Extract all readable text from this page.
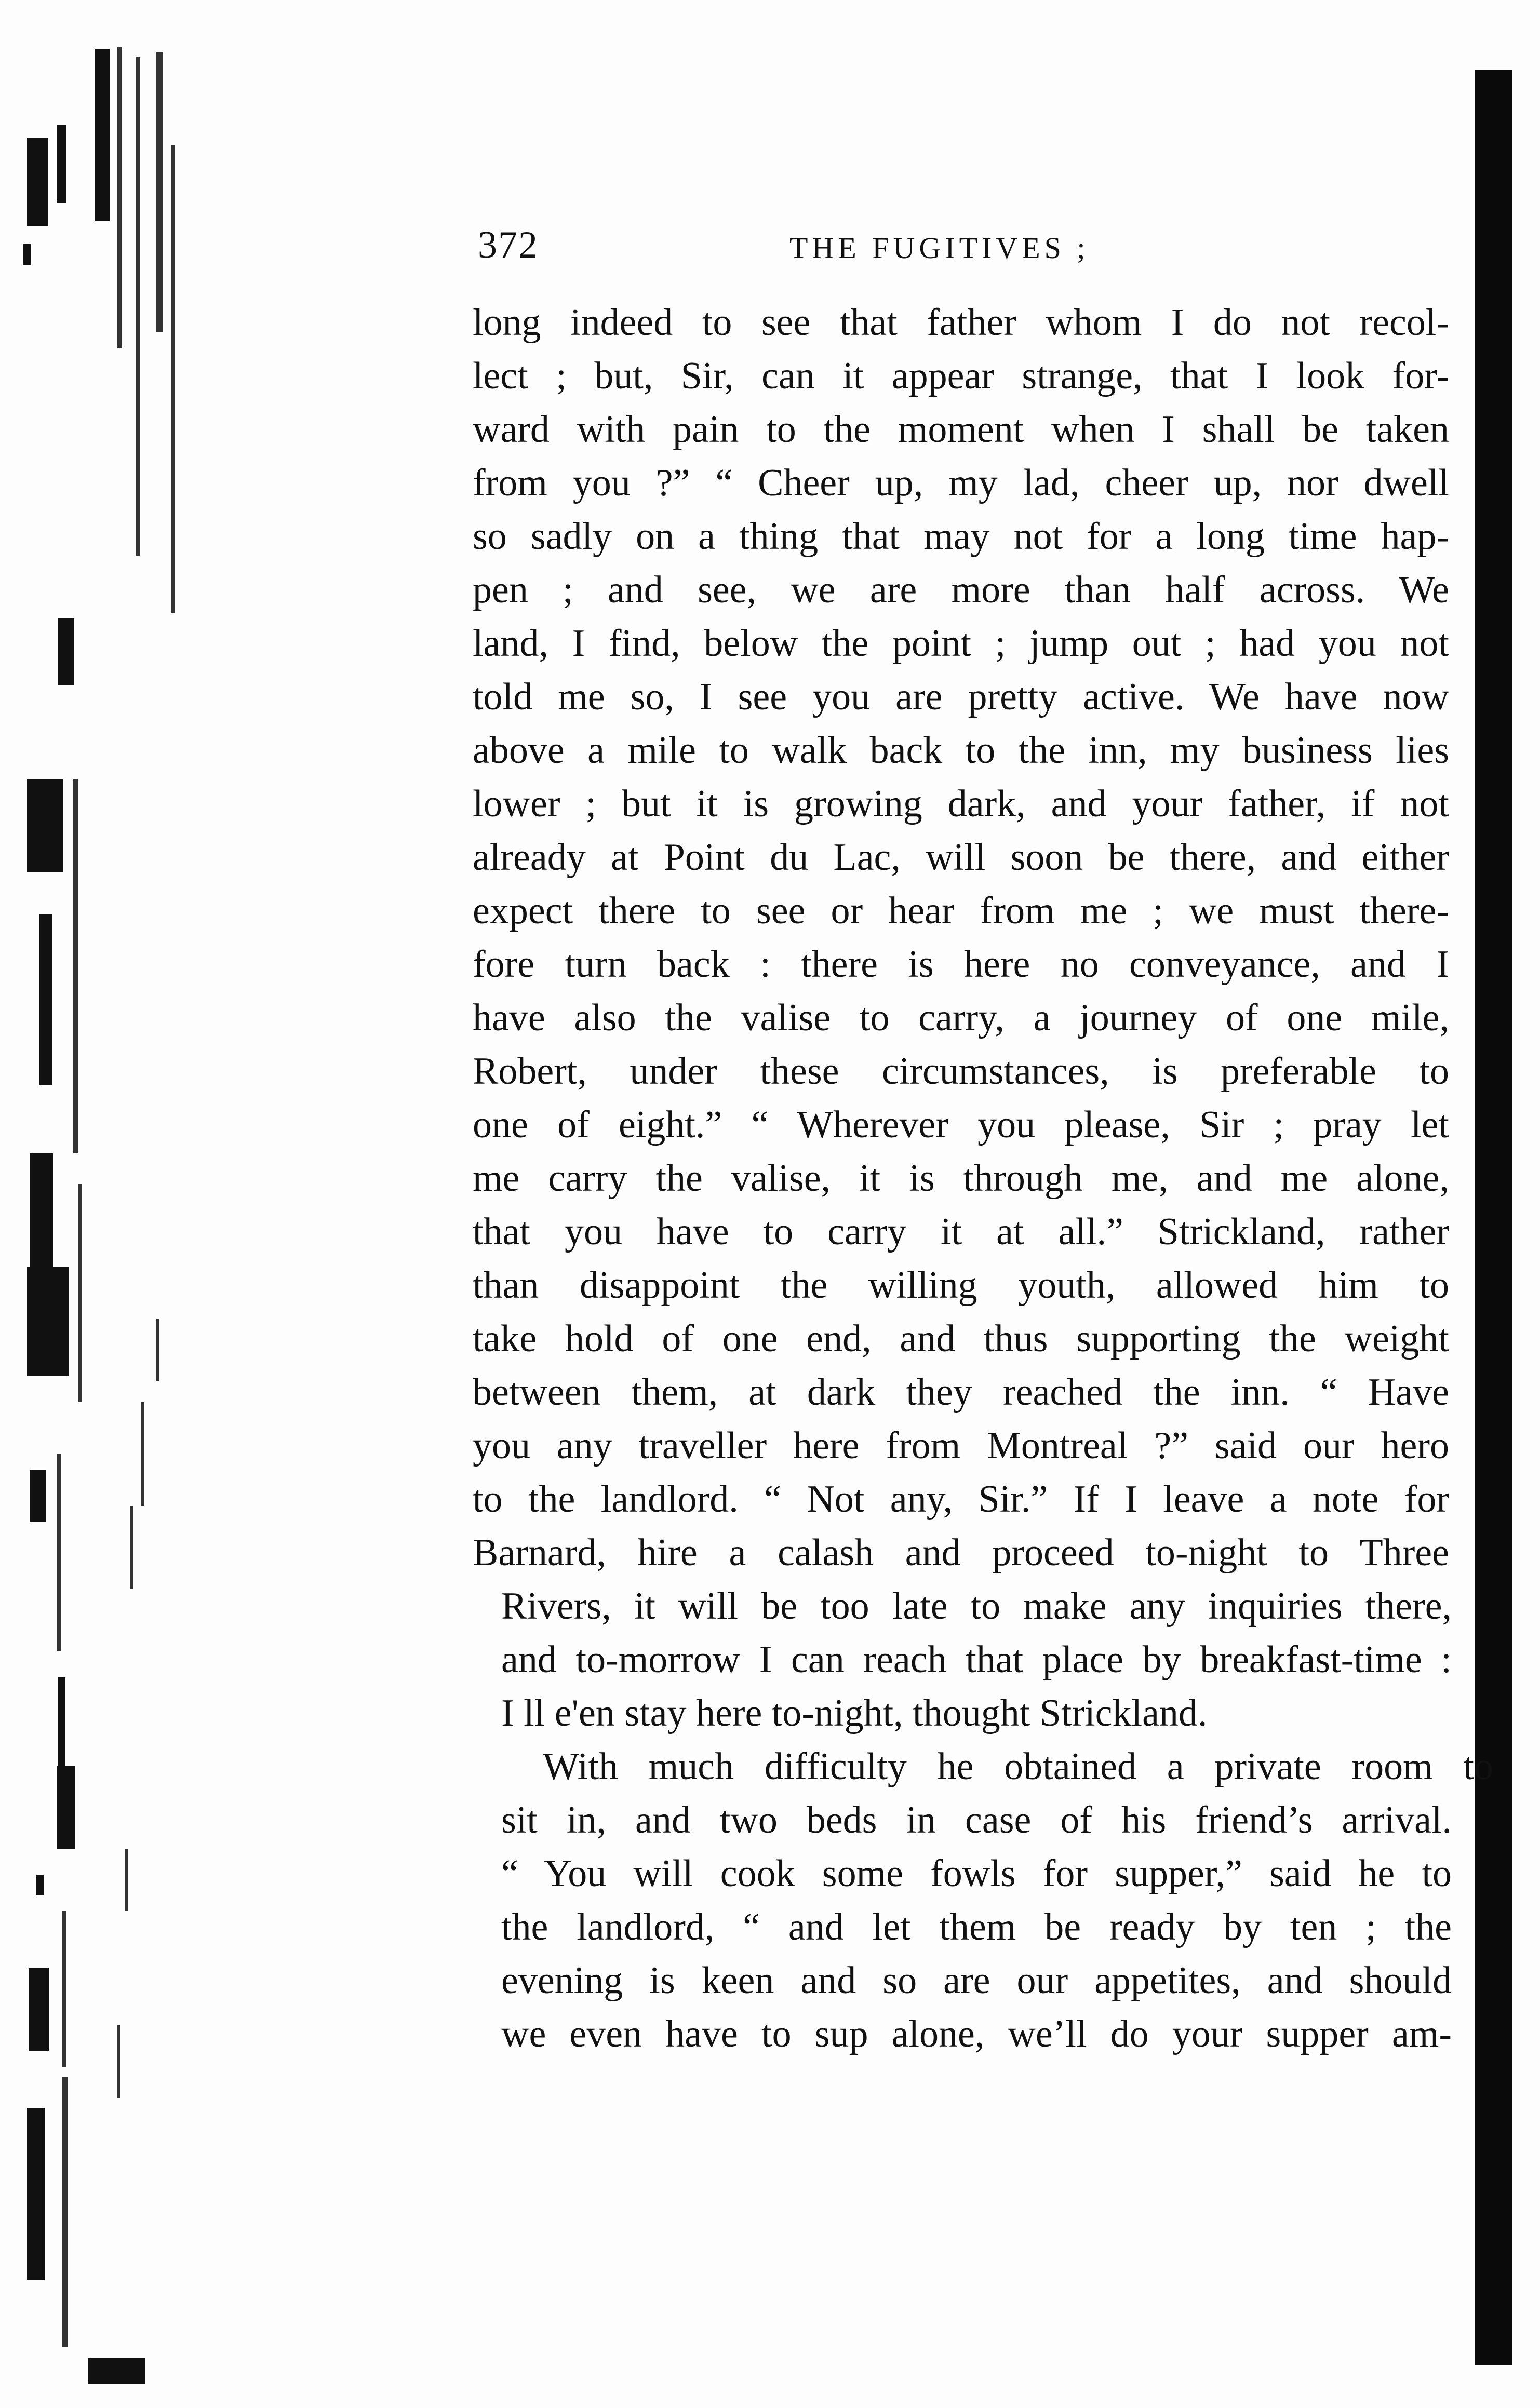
372	THE FUGITIVES ;
long indeed to see that father whom I do not recol-
lect ; but, Sir, can it appear strange, that I look for-
ward with pain to the moment when I shall be taken
from you ?” “ Cheer up, my lad, cheer up, nor dwell
so sadly on a thing that may not for a long time hap-
pen ; and see, we are more than half across. We
land, I find, below the point ; jump out ; had you not
told me so, I see you are pretty active. We have now
above a mile to walk back to the inn, my business lies
lower ; but it is growing dark, and your father, if not
already at Point du Lac, will soon be there, and either
expect there to see or hear from me ; we must there-
fore turn back : there is here no conveyance, and I
have also the valise to carry, a journey of one mile,
Robert, under these circumstances, is preferable to
one of eight.” “ Wherever you please, Sir ; pray let
me carry the valise, it is through me, and me alone,
that you have to carry it at all.” Strickland, rather
than disappoint the willing youth, allowed him to
take hold of one end, and thus supporting the weight
between them, at dark they reached the inn. “ Have
you any traveller here from Montreal ?” said our hero
to the landlord. “ Not any, Sir.” If I leave a note for
Barnard, hire a calash and proceed to-night to Three
Rivers, it will be too late to make any inquiries there,
and to-morrow I can reach that place by breakfast-time :
I ll e'en stay here to-night, thought Strickland.
With much difficulty he obtained a private room to
sit in, and two beds in case of his friend’s arrival.
“ You will cook some fowls for supper,” said he to
the landlord, “ and let them be ready by ten ; the
evening is keen and so are our appetites, and should
we even have to sup alone, we’ll do your supper am-
